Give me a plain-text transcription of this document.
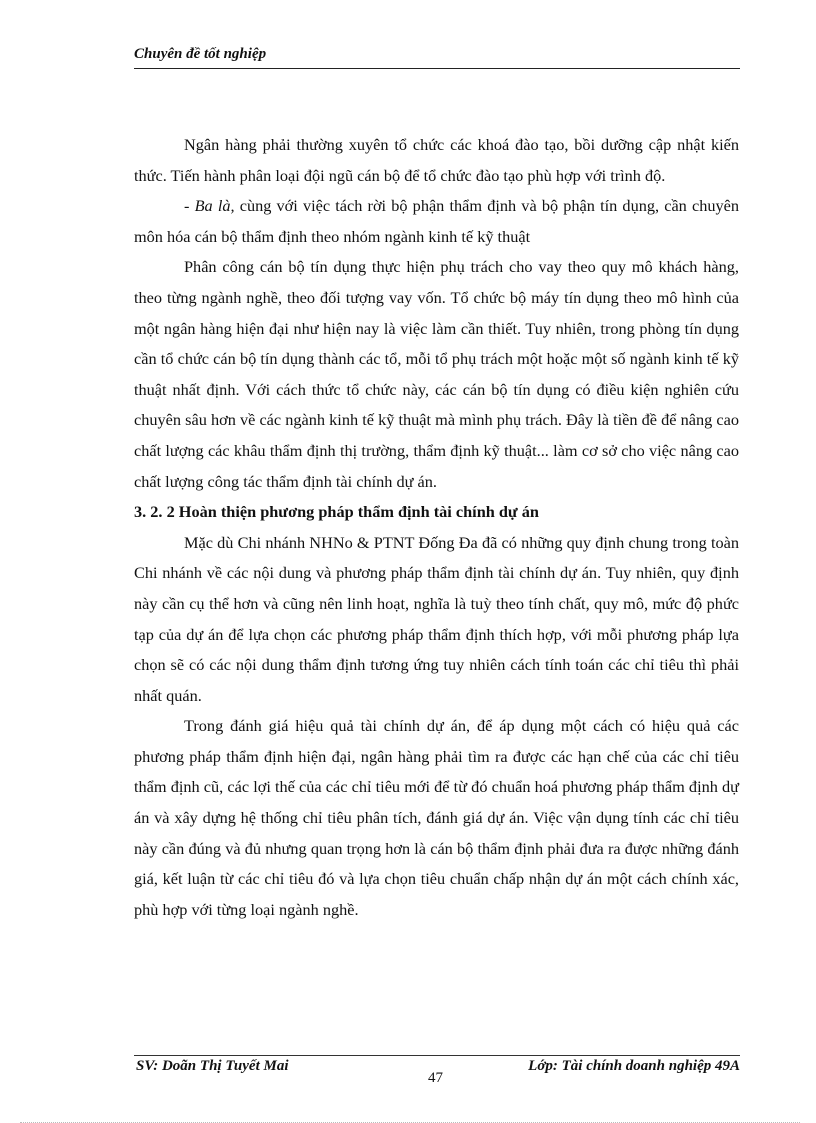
Chuyên đề tốt nghiệp

Ngân hàng phải thường xuyên tổ chức các khoá đào tạo, bồi dưỡng cập nhật kiến thức. Tiến hành phân loại đội ngũ cán bộ để tổ chức đào tạo phù hợp với trình độ.

- Ba là, cùng với việc tách rời bộ phận thẩm định và bộ phận tín dụng, cần chuyên môn hóa cán bộ thẩm định theo nhóm ngành kinh tế kỹ thuật

Phân công cán bộ tín dụng thực hiện phụ trách cho vay theo quy mô khách hàng, theo từng ngành nghề, theo đối tượng vay vốn. Tổ chức bộ máy tín dụng theo mô hình của một ngân hàng hiện đại như hiện nay là việc làm cần thiết. Tuy nhiên, trong phòng tín dụng cần tổ chức cán bộ tín dụng thành các tổ, mỗi tổ phụ trách một hoặc một số ngành kinh tế kỹ thuật nhất định. Với cách thức tổ chức này, các cán bộ tín dụng có điều kiện nghiên cứu chuyên sâu hơn về các ngành kinh tế kỹ thuật mà mình phụ trách. Đây là tiền đề để nâng cao chất lượng các khâu thẩm định thị trường, thẩm định kỹ thuật... làm cơ sở cho việc nâng cao chất lượng công tác thẩm định tài chính dự án.

3. 2. 2 Hoàn thiện phương pháp thẩm định tài chính dự án

Mặc dù Chi nhánh NHNo & PTNT Đống Đa đã có những quy định chung trong toàn Chi nhánh về các nội dung và phương pháp thẩm định tài chính dự án. Tuy nhiên, quy định này cần cụ thể hơn và cũng nên linh hoạt, nghĩa là tuỳ theo tính chất, quy mô, mức độ phức tạp của dự án để lựa chọn các phương pháp thẩm định thích hợp, với mỗi phương pháp lựa chọn sẽ có các nội dung thẩm định tương ứng tuy nhiên cách tính toán các chỉ tiêu thì phải nhất quán.

Trong đánh giá hiệu quả tài chính dự án, để áp dụng một cách có hiệu quả các phương pháp thẩm định hiện đại, ngân hàng phải tìm ra được các hạn chế của các chỉ tiêu thẩm định cũ, các lợi thế của các chỉ tiêu mới để từ đó chuẩn hoá phương pháp thẩm định dự án và xây dựng hệ thống chỉ tiêu phân tích, đánh giá dự án. Việc vận dụng tính các chỉ tiêu này cần đúng và đủ nhưng quan trọng hơn là cán bộ thẩm định phải đưa ra được những đánh giá, kết luận từ các chỉ tiêu đó và lựa chọn tiêu chuẩn chấp nhận dự án một cách chính xác, phù hợp với từng loại ngành nghề.

SV: Doãn Thị Tuyết Mai	Lớp: Tài chính doanh nghiệp 49A
47
